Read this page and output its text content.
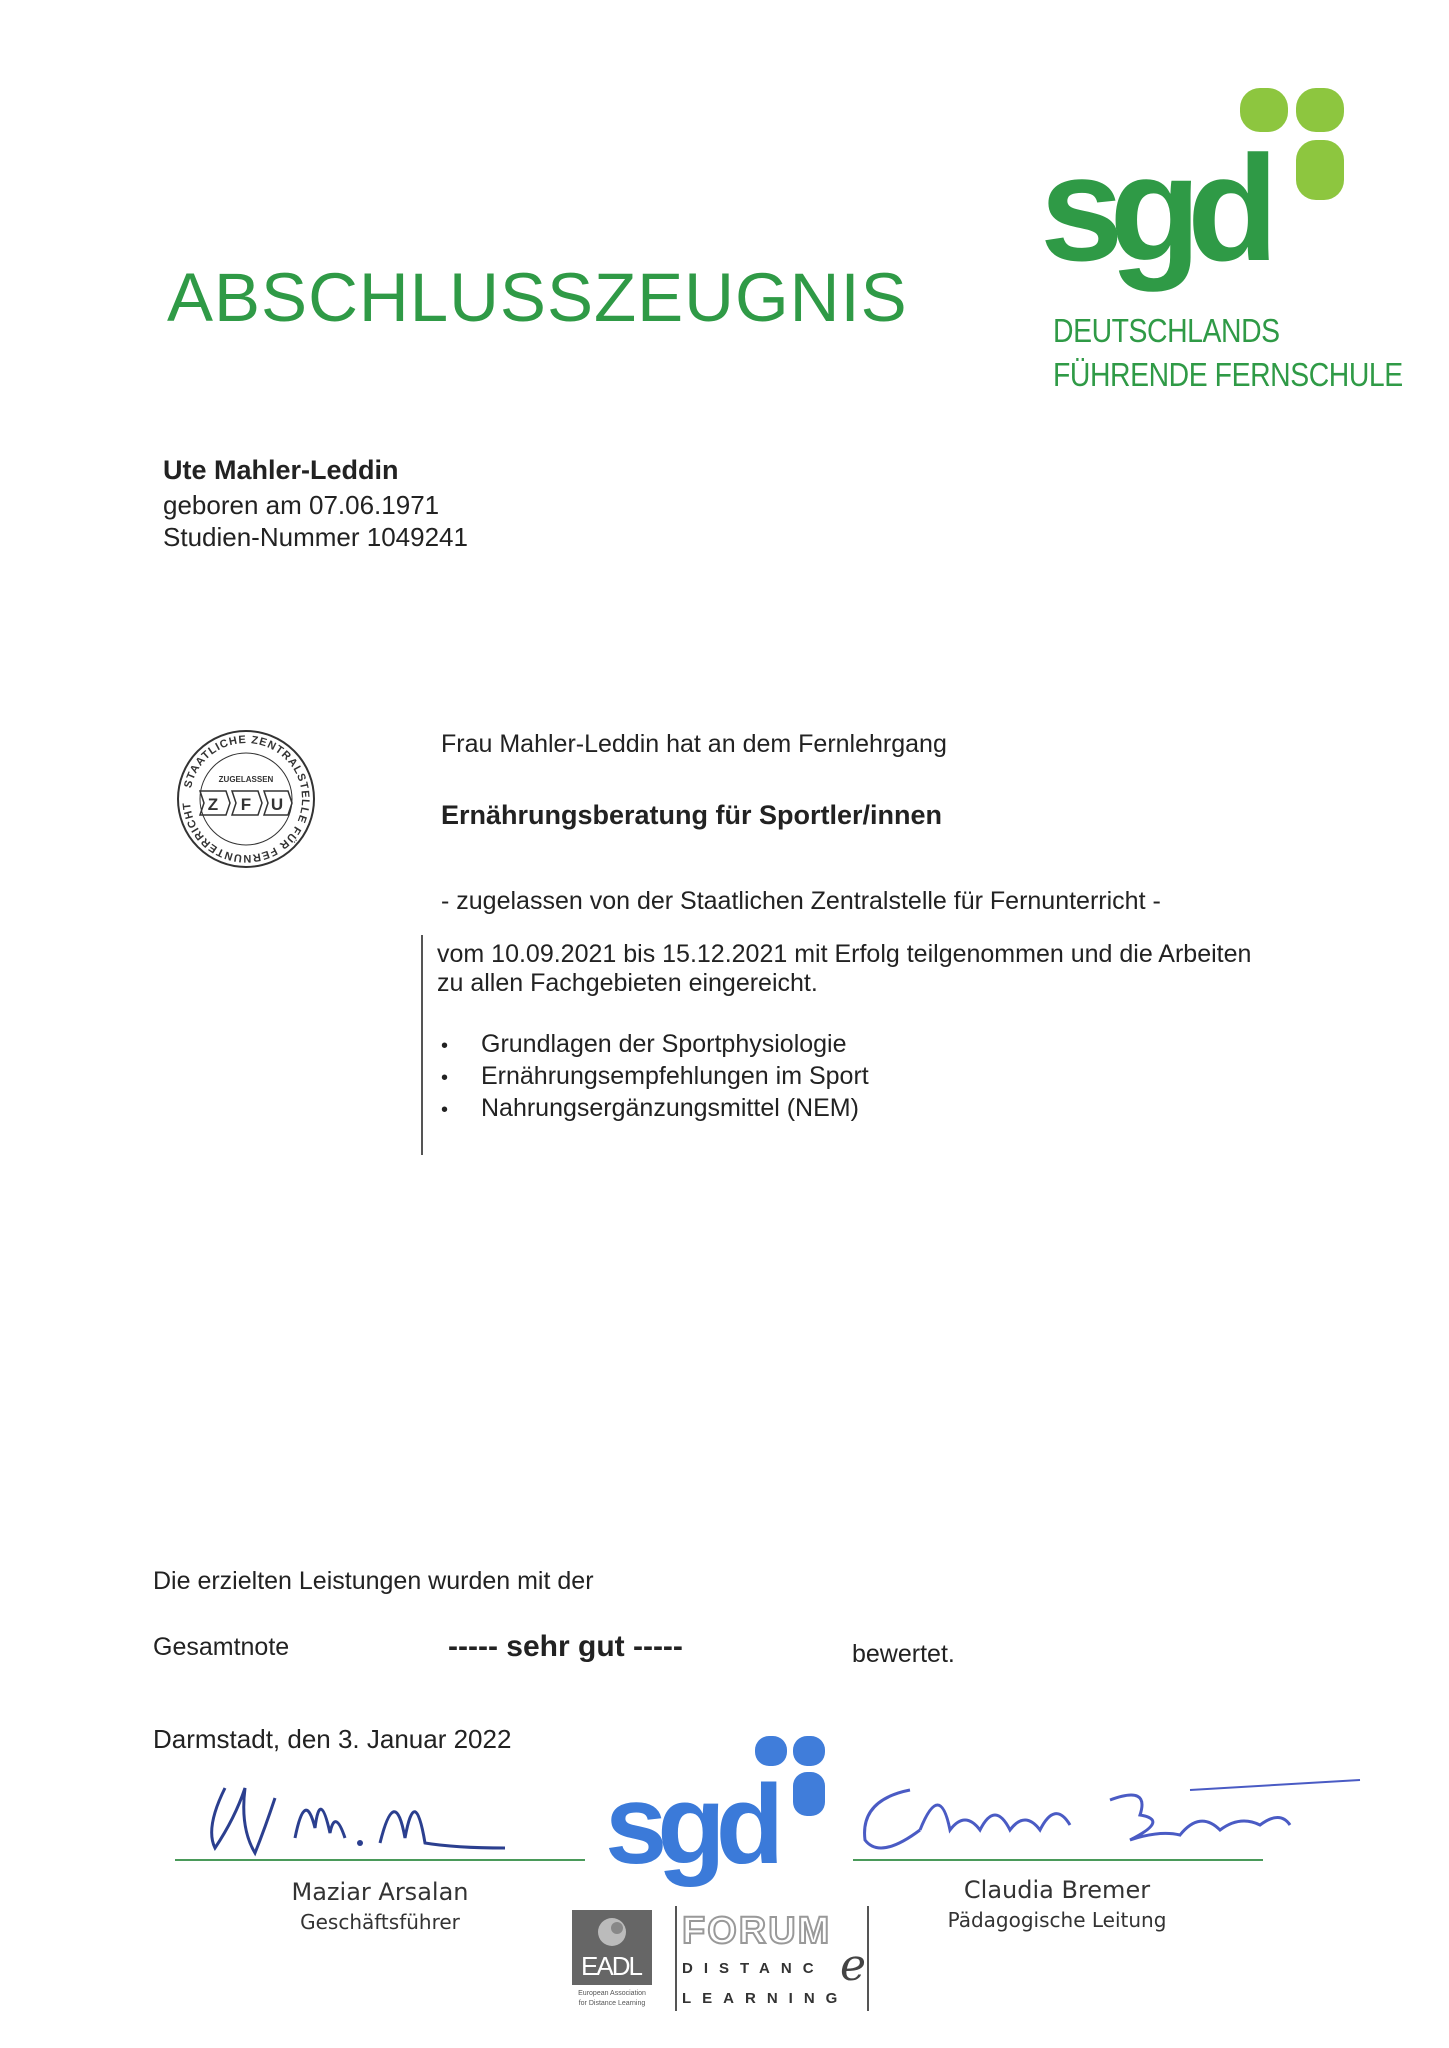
ABSCHLUSSZEUGNIS
sgd
DEUTSCHLANDS
FÜHRENDE FERNSCHULE
Ute Mahler-Leddin
geboren am 07.06.1971
Studien-Nummer 1049241
STAATLICHE ZENTRALSTELLE FÜR FERNUNTERRICHT
ZUGELASSEN
Z F U
Frau Mahler-Leddin hat an dem Fernlehrgang
Ernährungsberatung für Sportler/innen
- zugelassen von der Staatlichen Zentralstelle für Fernunterricht -
vom 10.09.2021 bis 15.12.2021 mit Erfolg teilgenommen und die Arbeiten
zu allen Fachgebieten eingereicht.
• Grundlagen der Sportphysiologie
• Ernährungsempfehlungen im Sport
• Nahrungsergänzungsmittel (NEM)
Die erzielten Leistungen wurden mit der
Gesamtnote	----- sehr gut -----	bewertet.
Darmstadt, den 3. Januar 2022
Maziar Arsalan
Geschäftsführer
Claudia Bremer
Pädagogische Leitung
sgd
EADL
European Association
for Distance Learning
FORUM
DISTANC e
LEARNING
